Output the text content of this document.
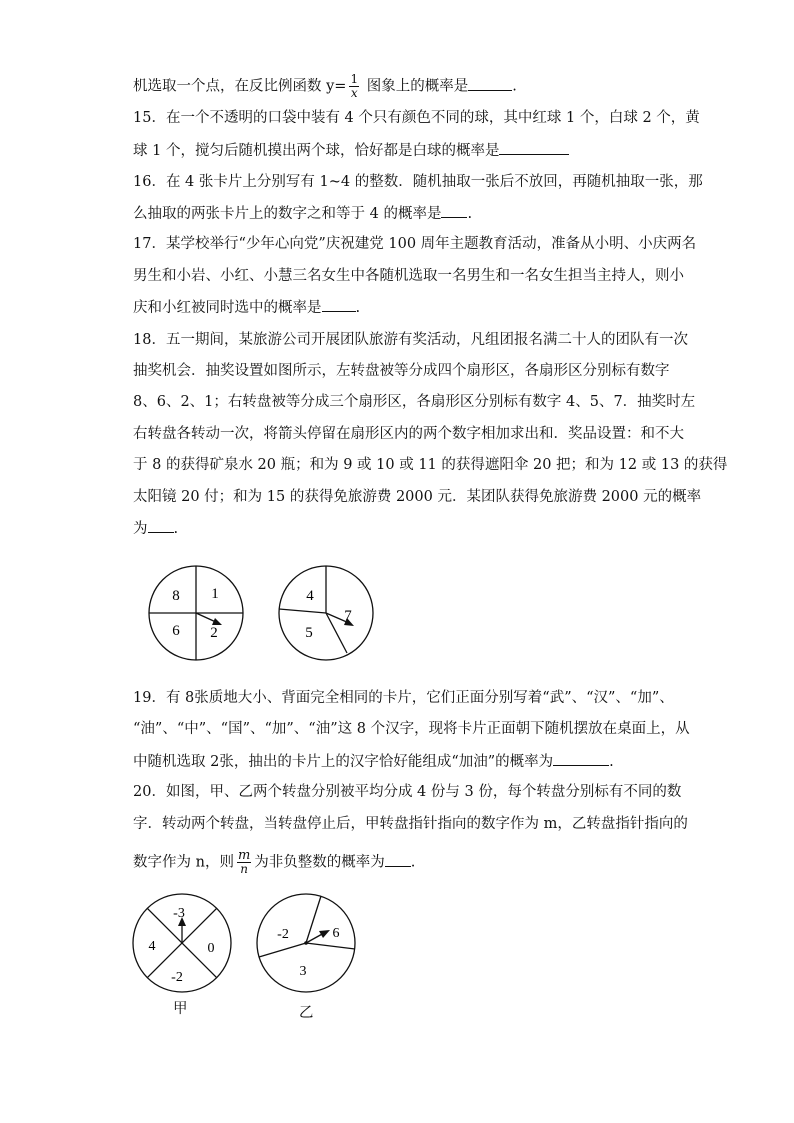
机选取一个点，在反比例函数 $y= \frac{1}{x}$ 图象上的概率是	.
15．在一个不透明的口袋中装有 4 个只有颜色不同的球，其中红球 1 个，白球 2 个，黄
球 1 个，搅匀后随机摸出两个球，恰好都是白球的概率是
16．在 4 张卡片上分别写有 1~4 的整数．随机抽取一张后不放回，再随机抽取一张，那
么抽取的两张卡片上的数字之和等于 4 的概率是 .
17．某学校举行“少年心向党”庆祝建党 100 周年主题教育活动，准备从小明、小庆两名
男生和小岩、小红、小慧三名女生中各随机选取一名男生和一名女生担当主持人，则小
庆和小红被同时选中的概率是 .
18．五一期间，某旅游公司开展团队旅游有奖活动，凡组团报名满二十人的团队有一次
抽奖机会．抽奖设置如图所示，左转盘被等分成四个扇形区，各扇形区分别标有数字
8、6、2、1；右转盘被等分成三个扇形区，各扇形区分别标有数字 4、5、7．抽奖时左
右转盘各转动一次，将箭头停留在扇形区内的两个数字相加求出和．奖品设置：和不大
于 8 的获得矿泉水 20 瓶；和为 9 或 10 或 11 的获得遮阳伞 20 把；和为 12 或 13 的获得
太阳镜 20 付；和为 15 的获得免旅游费 2000 元．某团队获得免旅游费 2000 元的概率
为 .
8 1
6 2
4
7
5
19．有 8张质地大小、背面完全相同的卡片，它们正面分别写着“武”、“汉”、“加”、
“油”、“中”、“国”、“加”、“油”这 8 个汉字，现将卡片正面朝下随机摆放在桌面上，从
中随机选取 2张，抽出的卡片上的汉字恰好能组成“加油”的概率为	.
20．如图，甲、乙两个转盘分别被平均分成 4 份与 3 份，每个转盘分别标有不同的数
字．转动两个转盘，当转盘停止后，甲转盘指针指向的数字作为 m，乙转盘指针指向的
数字作为 n，则 $\frac{m}{n}$ 为非负整数的概率为 .
-3
4	0
-2
甲
-2	6
3
乙
